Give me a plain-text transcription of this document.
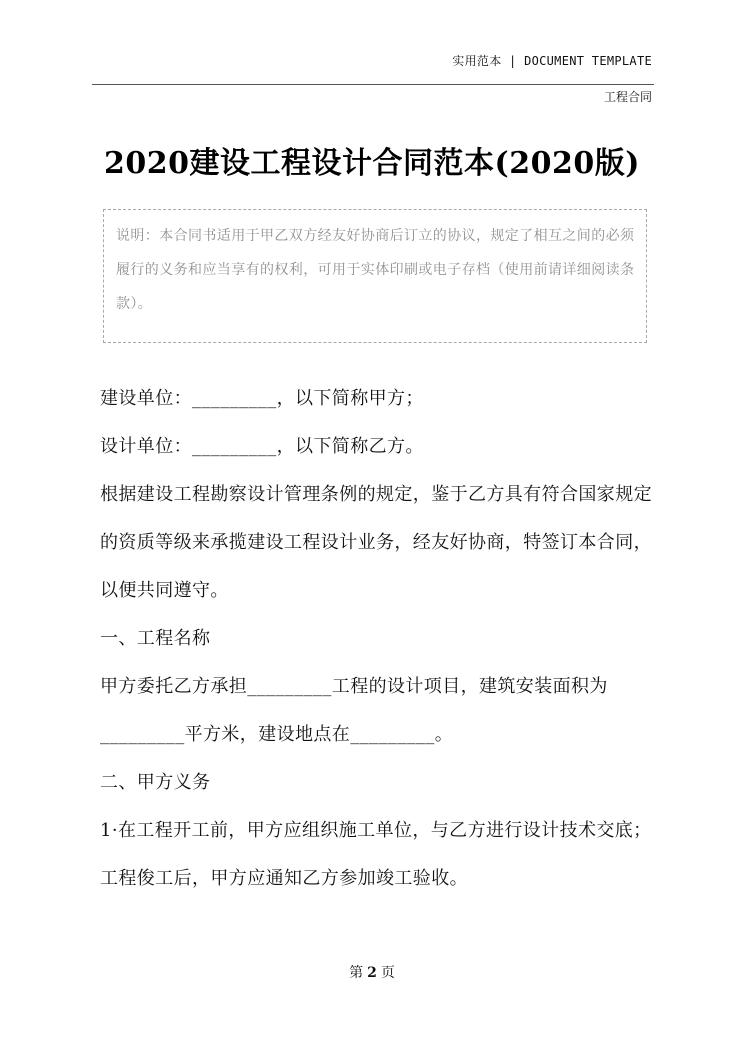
实用范本 | DOCUMENT TEMPLATE
工程合同
2020建设工程设计合同范本(2020版)
说明：本合同书适用于甲乙双方经友好协商后订立的协议，规定了相互之间的必须履行的义务和应当享有的权利，可用于实体印刷或电子存档（使用前请详细阅读条款）。

建设单位：_________，以下简称甲方；

设计单位：_________，以下简称乙方。

根据建设工程勘察设计管理条例的规定，鉴于乙方具有符合国家规定的资质等级来承揽建设工程设计业务，经友好协商，特签订本合同，以便共同遵守。

一、工程名称

甲方委托乙方承担_________工程的设计项目，建筑安装面积为_________平方米，建设地点在_________。

二、甲方义务

1·在工程开工前，甲方应组织施工单位，与乙方进行设计技术交底；工程俊工后，甲方应通知乙方参加竣工验收。

第 2 页
